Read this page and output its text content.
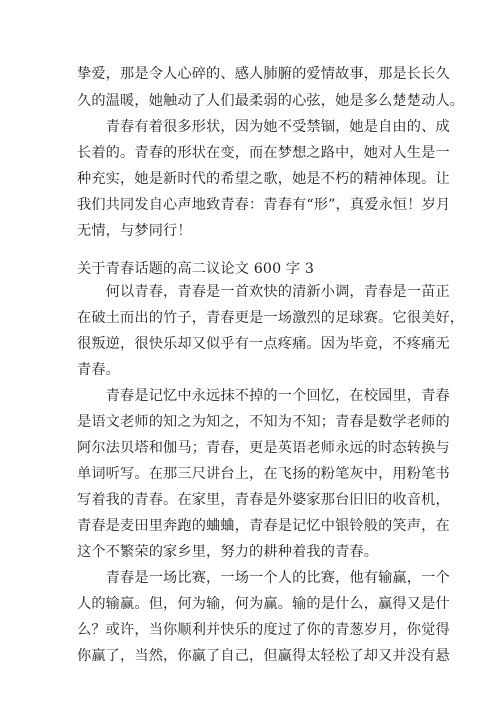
挚爱，那是令人心碎的、感人肺腑的爱情故事，那是长长久
久的温暖，她触动了人们最柔弱的心弦，她是多么楚楚动人。
　　青春有着很多形状，因为她不受禁锢，她是自由的、成
长着的。青春的形状在变，而在梦想之路中，她对人生是一
种充实，她是新时代的希望之歌，她是不朽的精神体现。让
我们共同发自心声地致青春：青春有“形”，真爱永恒！岁月
无情，与梦同行！
关于青春话题的高二议论文 600 字 3
　　何以青春，青春是一首欢快的清新小调，青春是一苗正
在破土而出的竹子，青春更是一场激烈的足球赛。它很美好，
很叛逆，很快乐却又似乎有一点疼痛。因为毕竟，不疼痛无
青春。
　　青春是记忆中永远抹不掉的一个回忆，在校园里，青春
是语文老师的知之为知之，不知为不知；青春是数学老师的
阿尔法贝塔和伽马；青春，更是英语老师永远的时态转换与
单词听写。在那三尺讲台上，在飞扬的粉笔灰中，用粉笔书
写着我的青春。在家里，青春是外婆家那台旧旧的收音机，
青春是麦田里奔跑的蛐蛐，青春是记忆中银铃般的笑声，在
这个不繁荣的家乡里，努力的耕种着我的青春。
　　青春是一场比赛，一场一个人的比赛，他有输赢，一个
人的输赢。但，何为输，何为赢。输的是什么，赢得又是什
么？或许，当你顺利并快乐的度过了你的青葱岁月，你觉得
你赢了，当然，你赢了自己，但赢得太轻松了却又并没有悬
